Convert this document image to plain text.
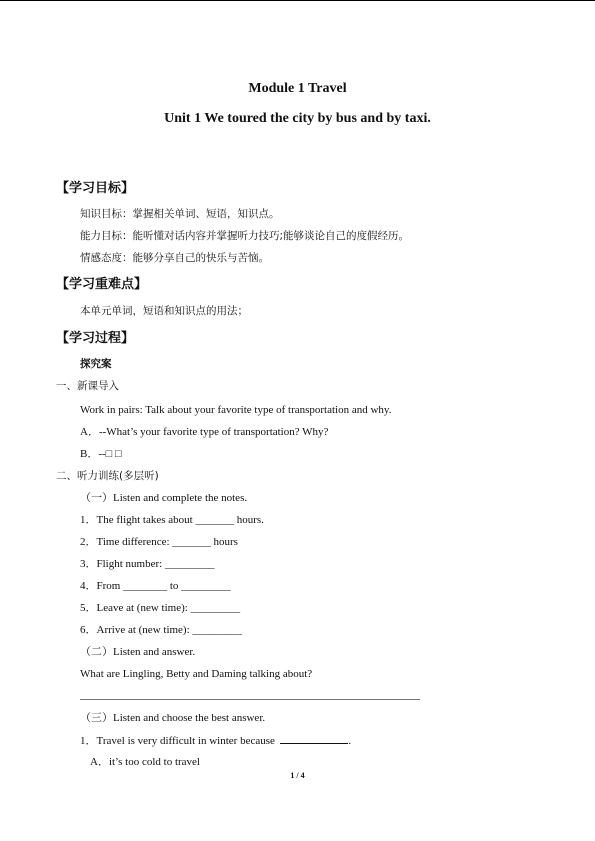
Module 1 Travel
Unit 1 We toured the city by bus and by taxi.
【学习目标】
知识目标：掌握相关单词、短语，知识点。
能力目标：能听懂对话内容并掌握听力技巧;能够谈论自己的度假经历。
情感态度：能够分享自己的快乐与苦恼。
【学习重难点】
本单元单词，短语和知识点的用法；
【学习过程】
探究案
一、新课导入
Work in pairs: Talk about your favorite type of transportation and why.
A．--What’s your favorite type of transportation? Why?
B．--□ □
二、听力训练(多层听)
（一）Listen and complete the notes.
1．The flight takes about _______ hours.
2．Time difference: _______ hours
3．Flight number: _________
4．From ________ to _________
5．Leave at (new time): _________
6．Arrive at (new time): _________
（二）Listen and answer.
What are Lingling, Betty and Daming talking about?
（三）Listen and choose the best answer.
1．Travel is very difficult in winter because	.
A．it’s too cold to travel
1 / 4
